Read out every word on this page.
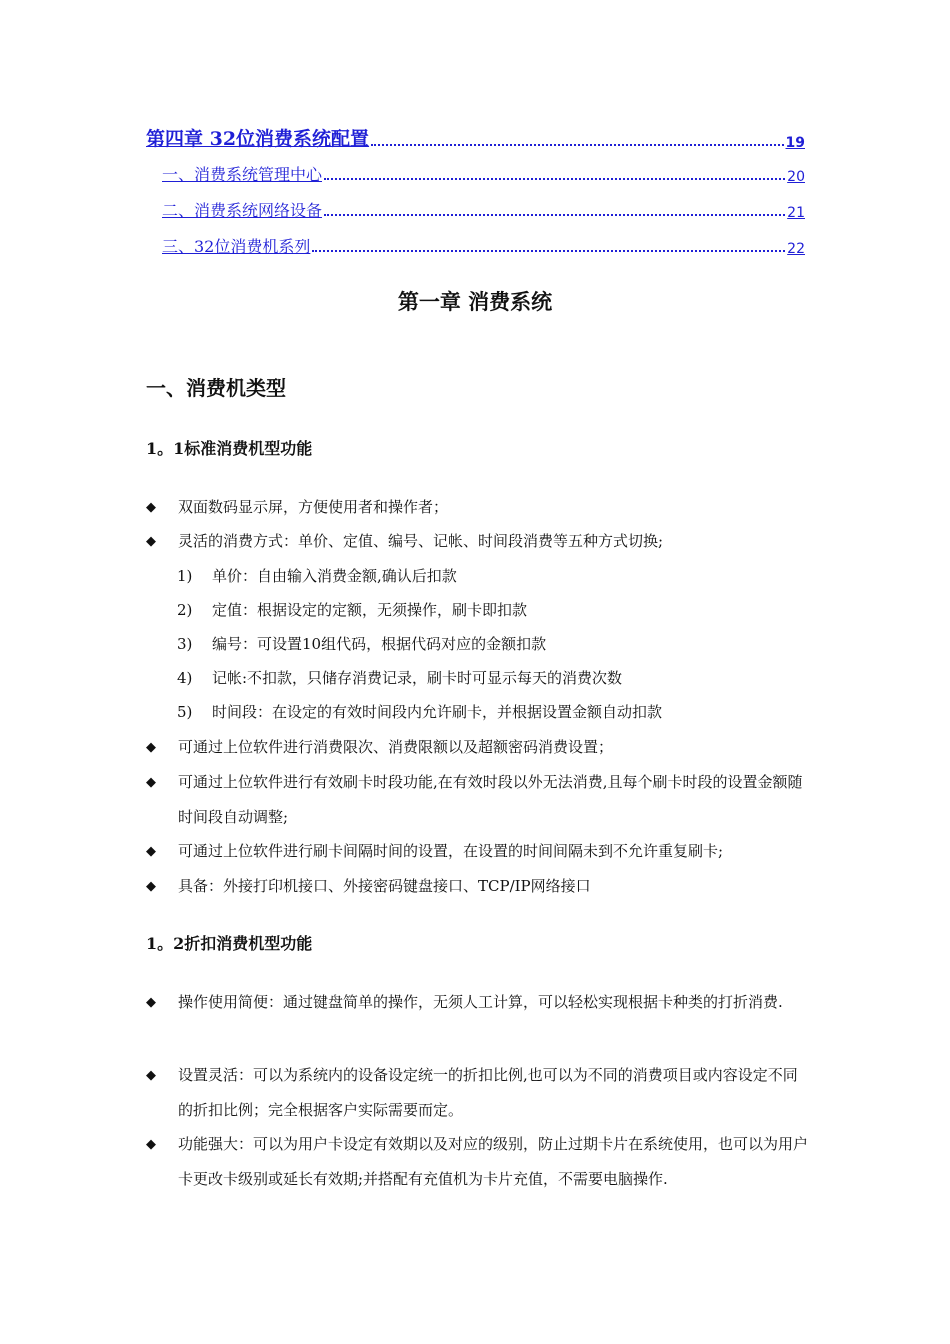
第四章 32位消费系统配置	19
一、消费系统管理中心	20
二、消费系统网络设备	21
三、32位消费机系列	22
第一章 消费系统
一、消费机类型
1。1标准消费机型功能
◆	双面数码显示屏，方便使用者和操作者；
◆	灵活的消费方式：单价、定值、编号、记帐、时间段消费等五种方式切换;
1)	单价：自由输入消费金额,确认后扣款
2)	定值：根据设定的定额，无须操作，刷卡即扣款
3)	编号：可设置10组代码，根据代码对应的金额扣款
4)	记帐:不扣款，只储存消费记录，刷卡时可显示每天的消费次数
5)	时间段：在设定的有效时间段内允许刷卡，并根据设置金额自动扣款
◆	可通过上位软件进行消费限次、消费限额以及超额密码消费设置；
◆	可通过上位软件进行有效刷卡时段功能,在有效时段以外无法消费,且每个刷卡时段的设置金额随时间段自动调整;
◆	可通过上位软件进行刷卡间隔时间的设置，在设置的时间间隔未到不允许重复刷卡;
◆	具备：外接打印机接口、外接密码键盘接口、TCP/IP网络接口
1。2折扣消费机型功能
◆	操作使用简便：通过键盘简单的操作，无须人工计算，可以轻松实现根据卡种类的打折消费.
◆	设置灵活：可以为系统内的设备设定统一的折扣比例,也可以为不同的消费项目或内容设定不同的折扣比例；完全根据客户实际需要而定。
◆	功能强大：可以为用户卡设定有效期以及对应的级别，防止过期卡片在系统使用，也可以为用户卡更改卡级别或延长有效期;并搭配有充值机为卡片充值，不需要电脑操作.
